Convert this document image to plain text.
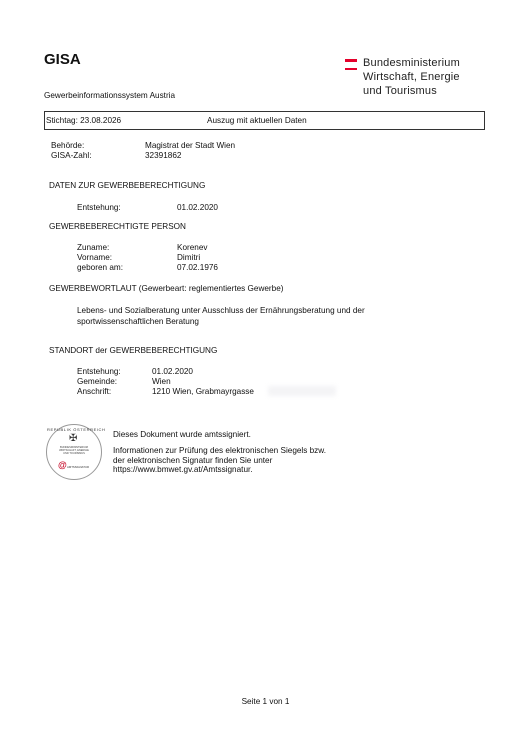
GISA
Gewerbeinformationssystem Austria
Bundesministerium
Wirtschaft, Energie
und Tourismus
Stichtag: 23.08.2026	Auszug mit aktuellen Daten
Behörde:	Magistrat der Stadt Wien
GISA-Zahl:	32391862
DATEN ZUR GEWERBEBERECHTIGUNG
Entstehung:	01.02.2020
GEWERBEBERECHTIGTE PERSON
Zuname:	Korenev
Vorname:	Dimitri
geboren am:	07.02.1976
GEWERBEWORTLAUT (Gewerbeart: reglementiertes Gewerbe)
Lebens- und Sozialberatung unter Ausschluss der Ernährungsberatung und der
sportwissenschaftlichen Beratung
STANDORT der GEWERBEBERECHTIGUNG
Entstehung:	01.02.2020
Gemeinde:	Wien
Anschrift:	1210 Wien, Grabmayrgasse
REPUBLIK ÖSTERREICH
✠
BUNDESMINISTERIUM
WIRTSCHAFT, ENERGIE
UND TOURISMUS
@ AMTSSIGNATUR
Dieses Dokument wurde amtssigniert.
Informationen zur Prüfung des elektronischen Siegels bzw.
der elektronischen Signatur finden Sie unter
https://www.bmwet.gv.at/Amtssignatur.
Seite 1 von 1
